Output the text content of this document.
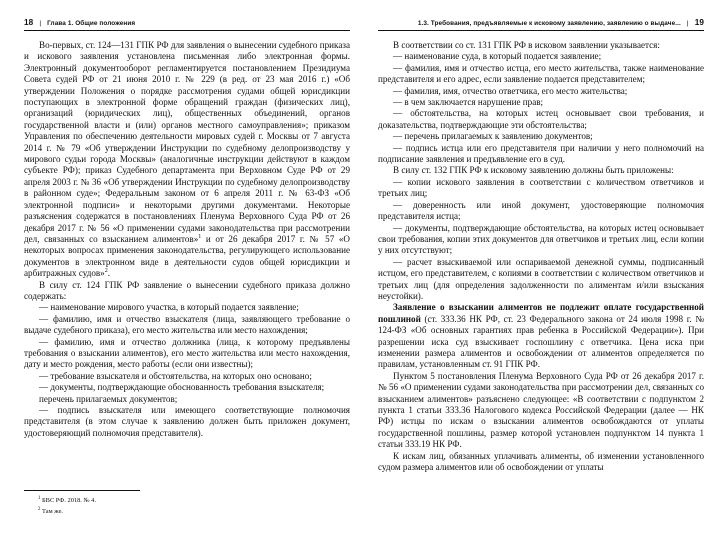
18 | Глава 1. Общие положения

Во-первых, ст. 124—131 ГПК РФ для заявления о вынесении судебного приказа и искового заявления установлена письменная либо электронная формы. Электронный документооборот регламентируется постановлением Президиума Совета судей РФ от 21 июня 2010 г. № 229 (в ред. от 23 мая 2016 г.) «Об утверждении Положения о порядке рассмотрения судами общей юрисдикции поступающих в электронной форме обращений граждан (физических лиц), организаций (юридических лиц), общественных объединений, органов государственной власти и (или) органов местного самоуправления»; приказом Управления по обеспечению деятельности мировых судей г. Москвы от 7 августа 2014 г. № 79 «Об утверждении Инструкции по судебному делопроизводству у мирового судьи города Москвы» (аналогичные инструкции действуют в каждом субъекте РФ); приказ Судебного департамента при Верховном Суде РФ от 29 апреля 2003 г. № 36 «Об утверждении Инструкции по судебному делопроизводству в районном суде»; Федеральным законом от 6 апреля 2011 г. № 63-ФЗ «Об электронной подписи» и некоторыми другими документами. Некоторые разъяснения содержатся в постановлениях Пленума Верховного Суда РФ от 26 декабря 2017 г. № 56 «О применении судами законодательства при рассмотрении дел, связанных со взысканием алиментов»$^1$ и от 26 декабря 2017 г. № 57 «О некоторых вопросах применения законодательства, регулирующего использование документов в электронном виде в деятельности судов общей юрисдикции и арбитражных судов»$^2$.

В силу ст. 124 ГПК РФ заявление о вынесении судебного приказа должно содержать:

— наименование мирового участка, в который подается заявление;

— фамилию, имя и отчество взыскателя (лица, заявляющего требование о выдаче судебного приказа), его место жительства или место нахождения;

— фамилию, имя и отчество должника (лица, к которому предъявлены требования о взыскании алиментов), его место жительства или место нахождения, дату и место рождения, место работы (если они известны);

— требование взыскателя и обстоятельства, на которых оно основано;

— документы, подтверждающие обоснованность требования взыскателя;

перечень прилагаемых документов;

— подпись взыскателя или имеющего соответствующие полномочия представителя (в этом случае к заявлению должен быть приложен документ, удостоверяющий полномочия представителя).

$^1$ БВС РФ. 2018. № 4.

$^2$ Там же.

1.3. Требования, предъявляемые к исковому заявлению, заявлению о выдаче... | 19

В соответствии со ст. 131 ГПК РФ в исковом заявлении указывается:

— наименование суда, в который подается заявление;

— фамилия, имя и отчество истца, его место жительства, также наименование представителя и его адрес, если заявление подается представителем;

— фамилия, имя, отчество ответчика, его место жительства;

— в чем заключается нарушение прав;

— обстоятельства, на которых истец основывает свои требования, и доказательства, подтверждающие эти обстоятельства;

— перечень прилагаемых к заявлению документов;

— подпись истца или его представителя при наличии у него полномочий на подписание заявления и предъявление его в суд.

В силу ст. 132 ГПК РФ к исковому заявлению должны быть приложены:

— копии искового заявления в соответствии с количеством ответчиков и третьих лиц;

— доверенность или иной документ, удостоверяющие полномочия представителя истца;

— документы, подтверждающие обстоятельства, на которых истец основывает свои требования, копии этих документов для ответчиков и третьих лиц, если копии у них отсутствуют;

— расчет взыскиваемой или оспариваемой денежной суммы, подписанный истцом, его представителем, с копиями в соответствии с количеством ответчиков и третьих лиц (для определения задолженности по алиментам и/или взыскания неустойки).

Заявление о взыскании алиментов не подлежит оплате государственной пошлиной (ст. 333.36 НК РФ, ст. 23 Федерального закона от 24 июля 1998 г. № 124-ФЗ «Об основных гарантиях прав ребенка в Российской Федерации»). При разрешении иска суд взыскивает госпошлину с ответчика. Цена иска при изменении размера алиментов и освобождении от алиментов определяется по правилам, установленным ст. 91 ГПК РФ.

Пунктом 5 постановления Пленума Верховного Суда РФ от 26 декабря 2017 г. № 56 «О применении судами законодательства при рассмотрении дел, связанных со взысканием алиментов» разъяснено следующее: «В соответствии с подпунктом 2 пункта 1 статьи 333.36 Налогового кодекса Российской Федерации (далее — НК РФ) истцы по искам о взыскании алиментов освобождаются от уплаты государственной пошлины, размер которой установлен подпунктом 14 пункта 1 статьи 333.19 НК РФ.

К искам лиц, обязанных уплачивать алименты, об изменении установленного судом размера алиментов или об освобождении от уплаты
